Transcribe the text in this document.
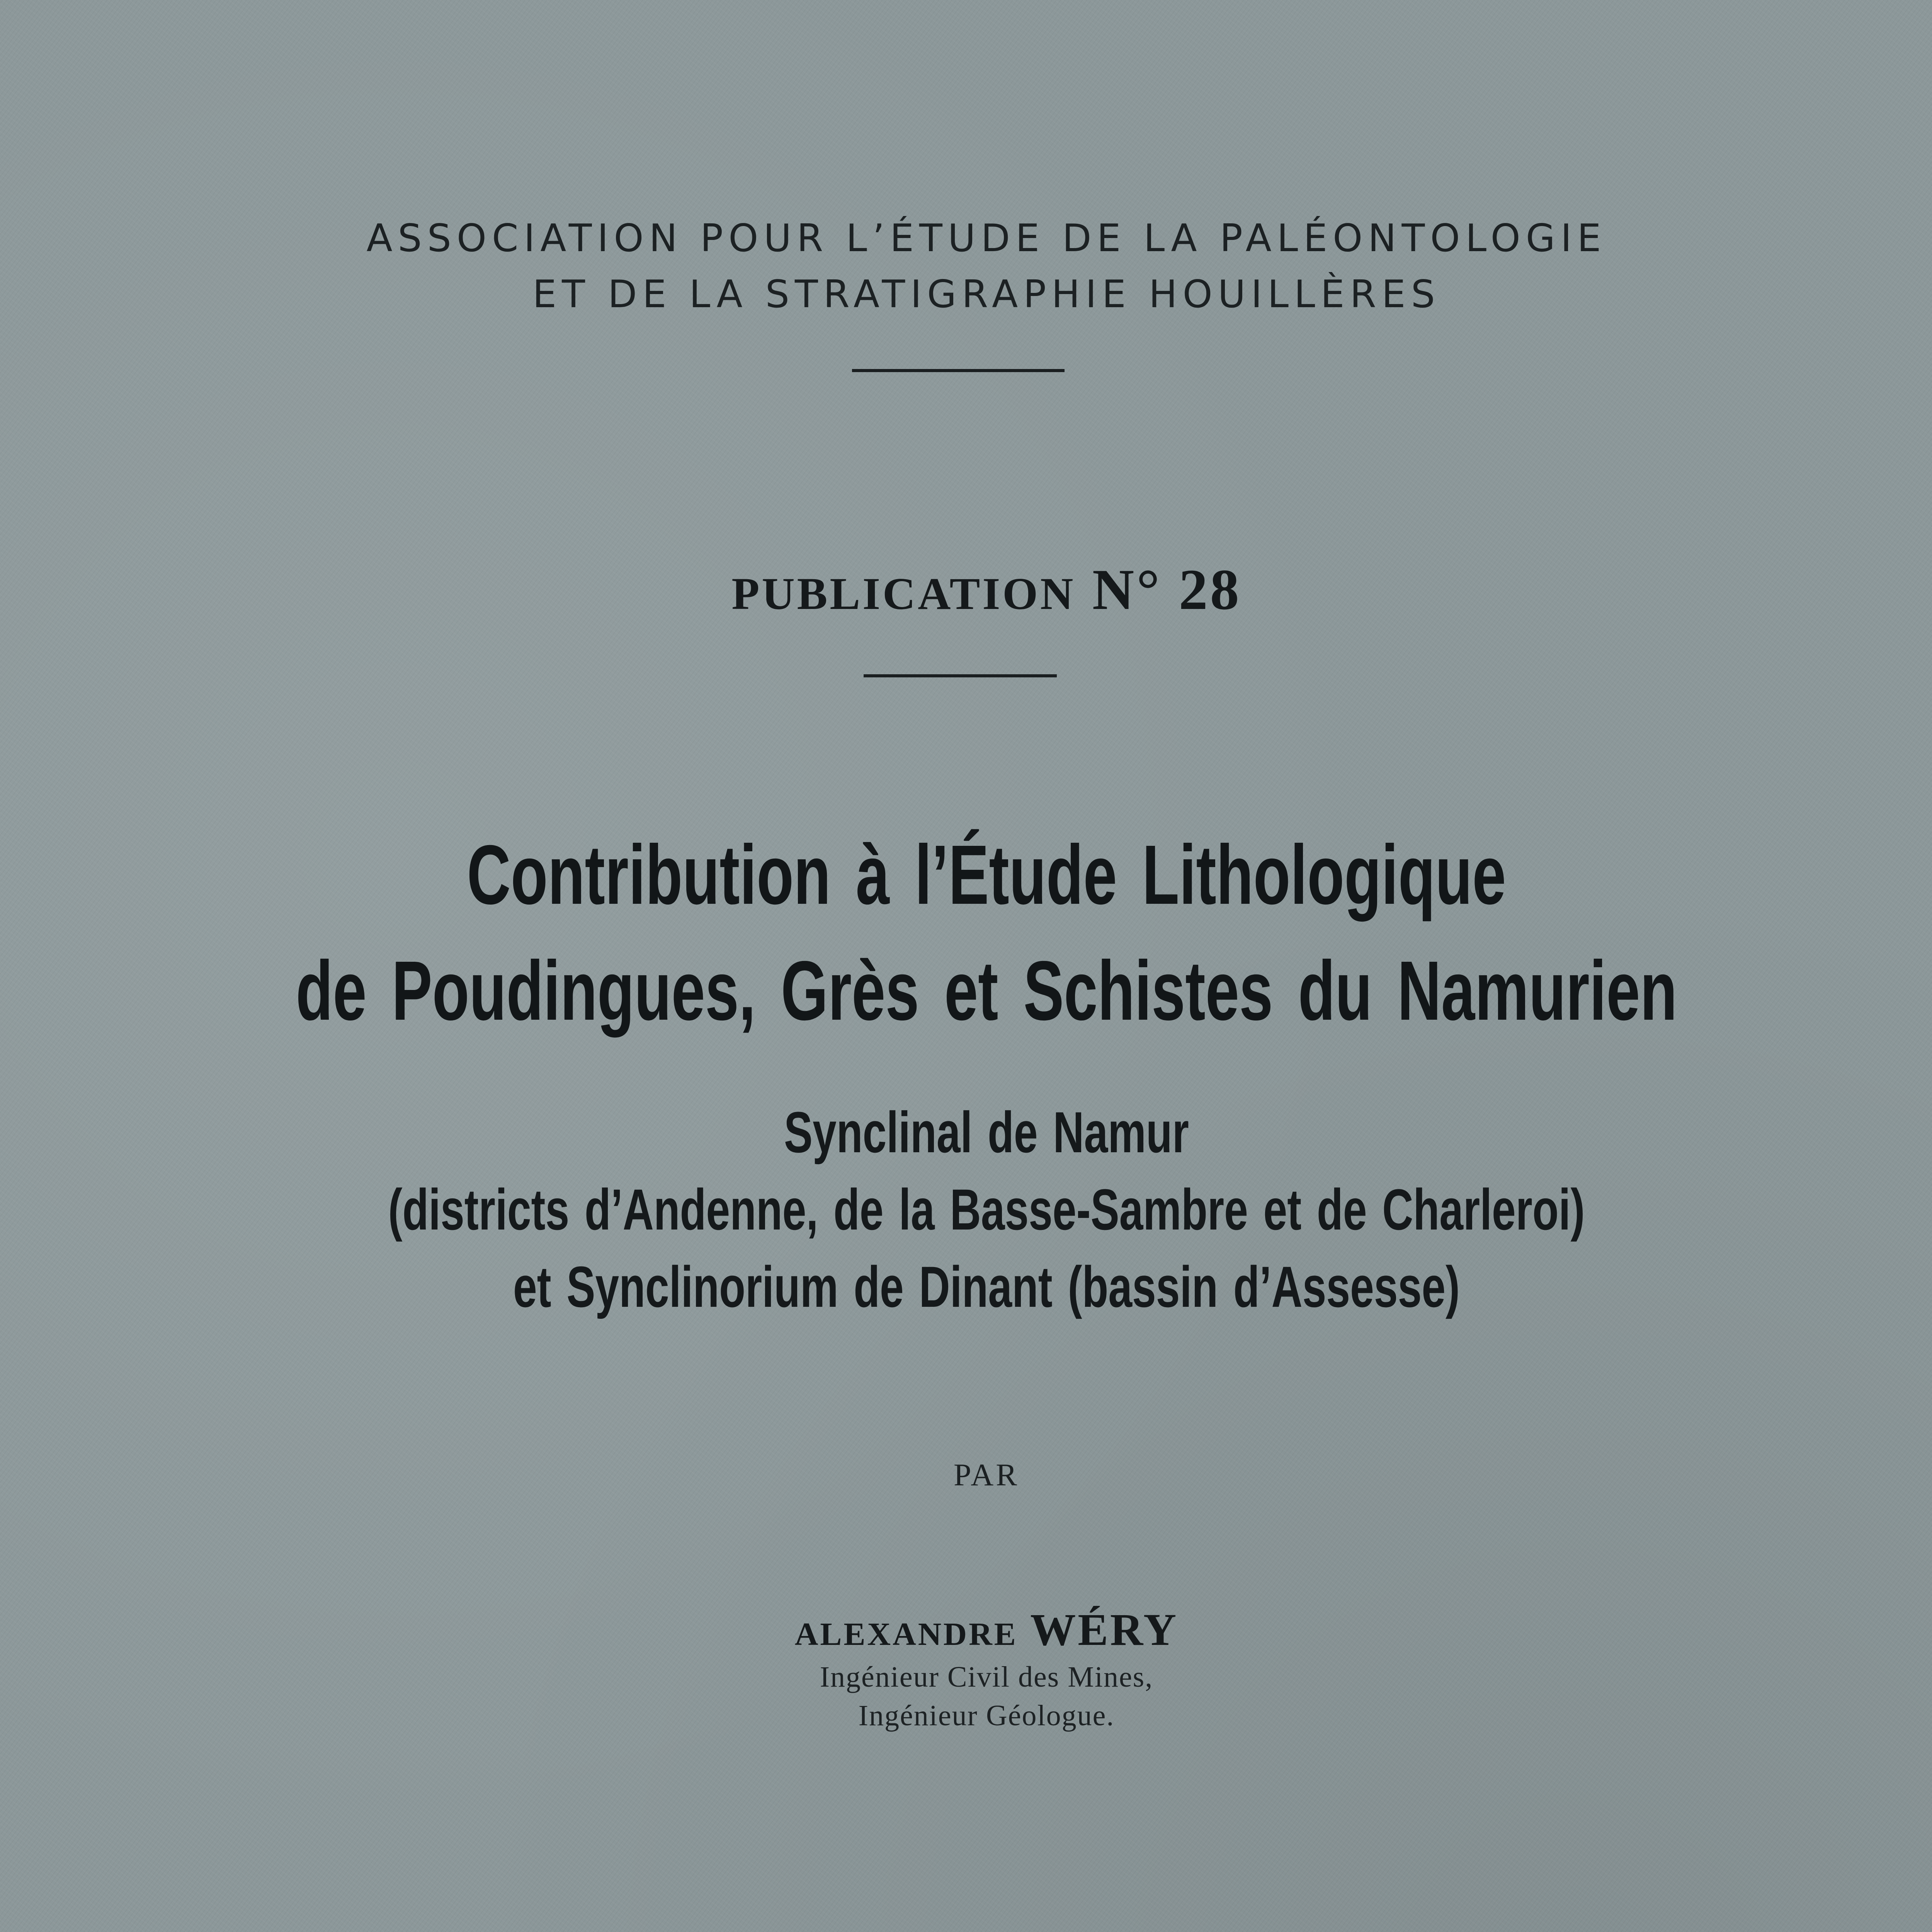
ASSOCIATION POUR L’ÉTUDE DE LA PALÉONTOLOGIE
ET DE LA STRATIGRAPHIE HOUILLÈRES
PUBLICATION N° 28
Contribution à l’Étude Lithologique
de Poudingues, Grès et Schistes du Namurien
Synclinal de Namur
(districts d’Andenne, de la Basse-Sambre et de Charleroi)
et Synclinorium de Dinant (bassin d’Assesse)
PAR
ALEXANDRE WÉRY
Ingénieur Civil des Mines,
Ingénieur Géologue.
